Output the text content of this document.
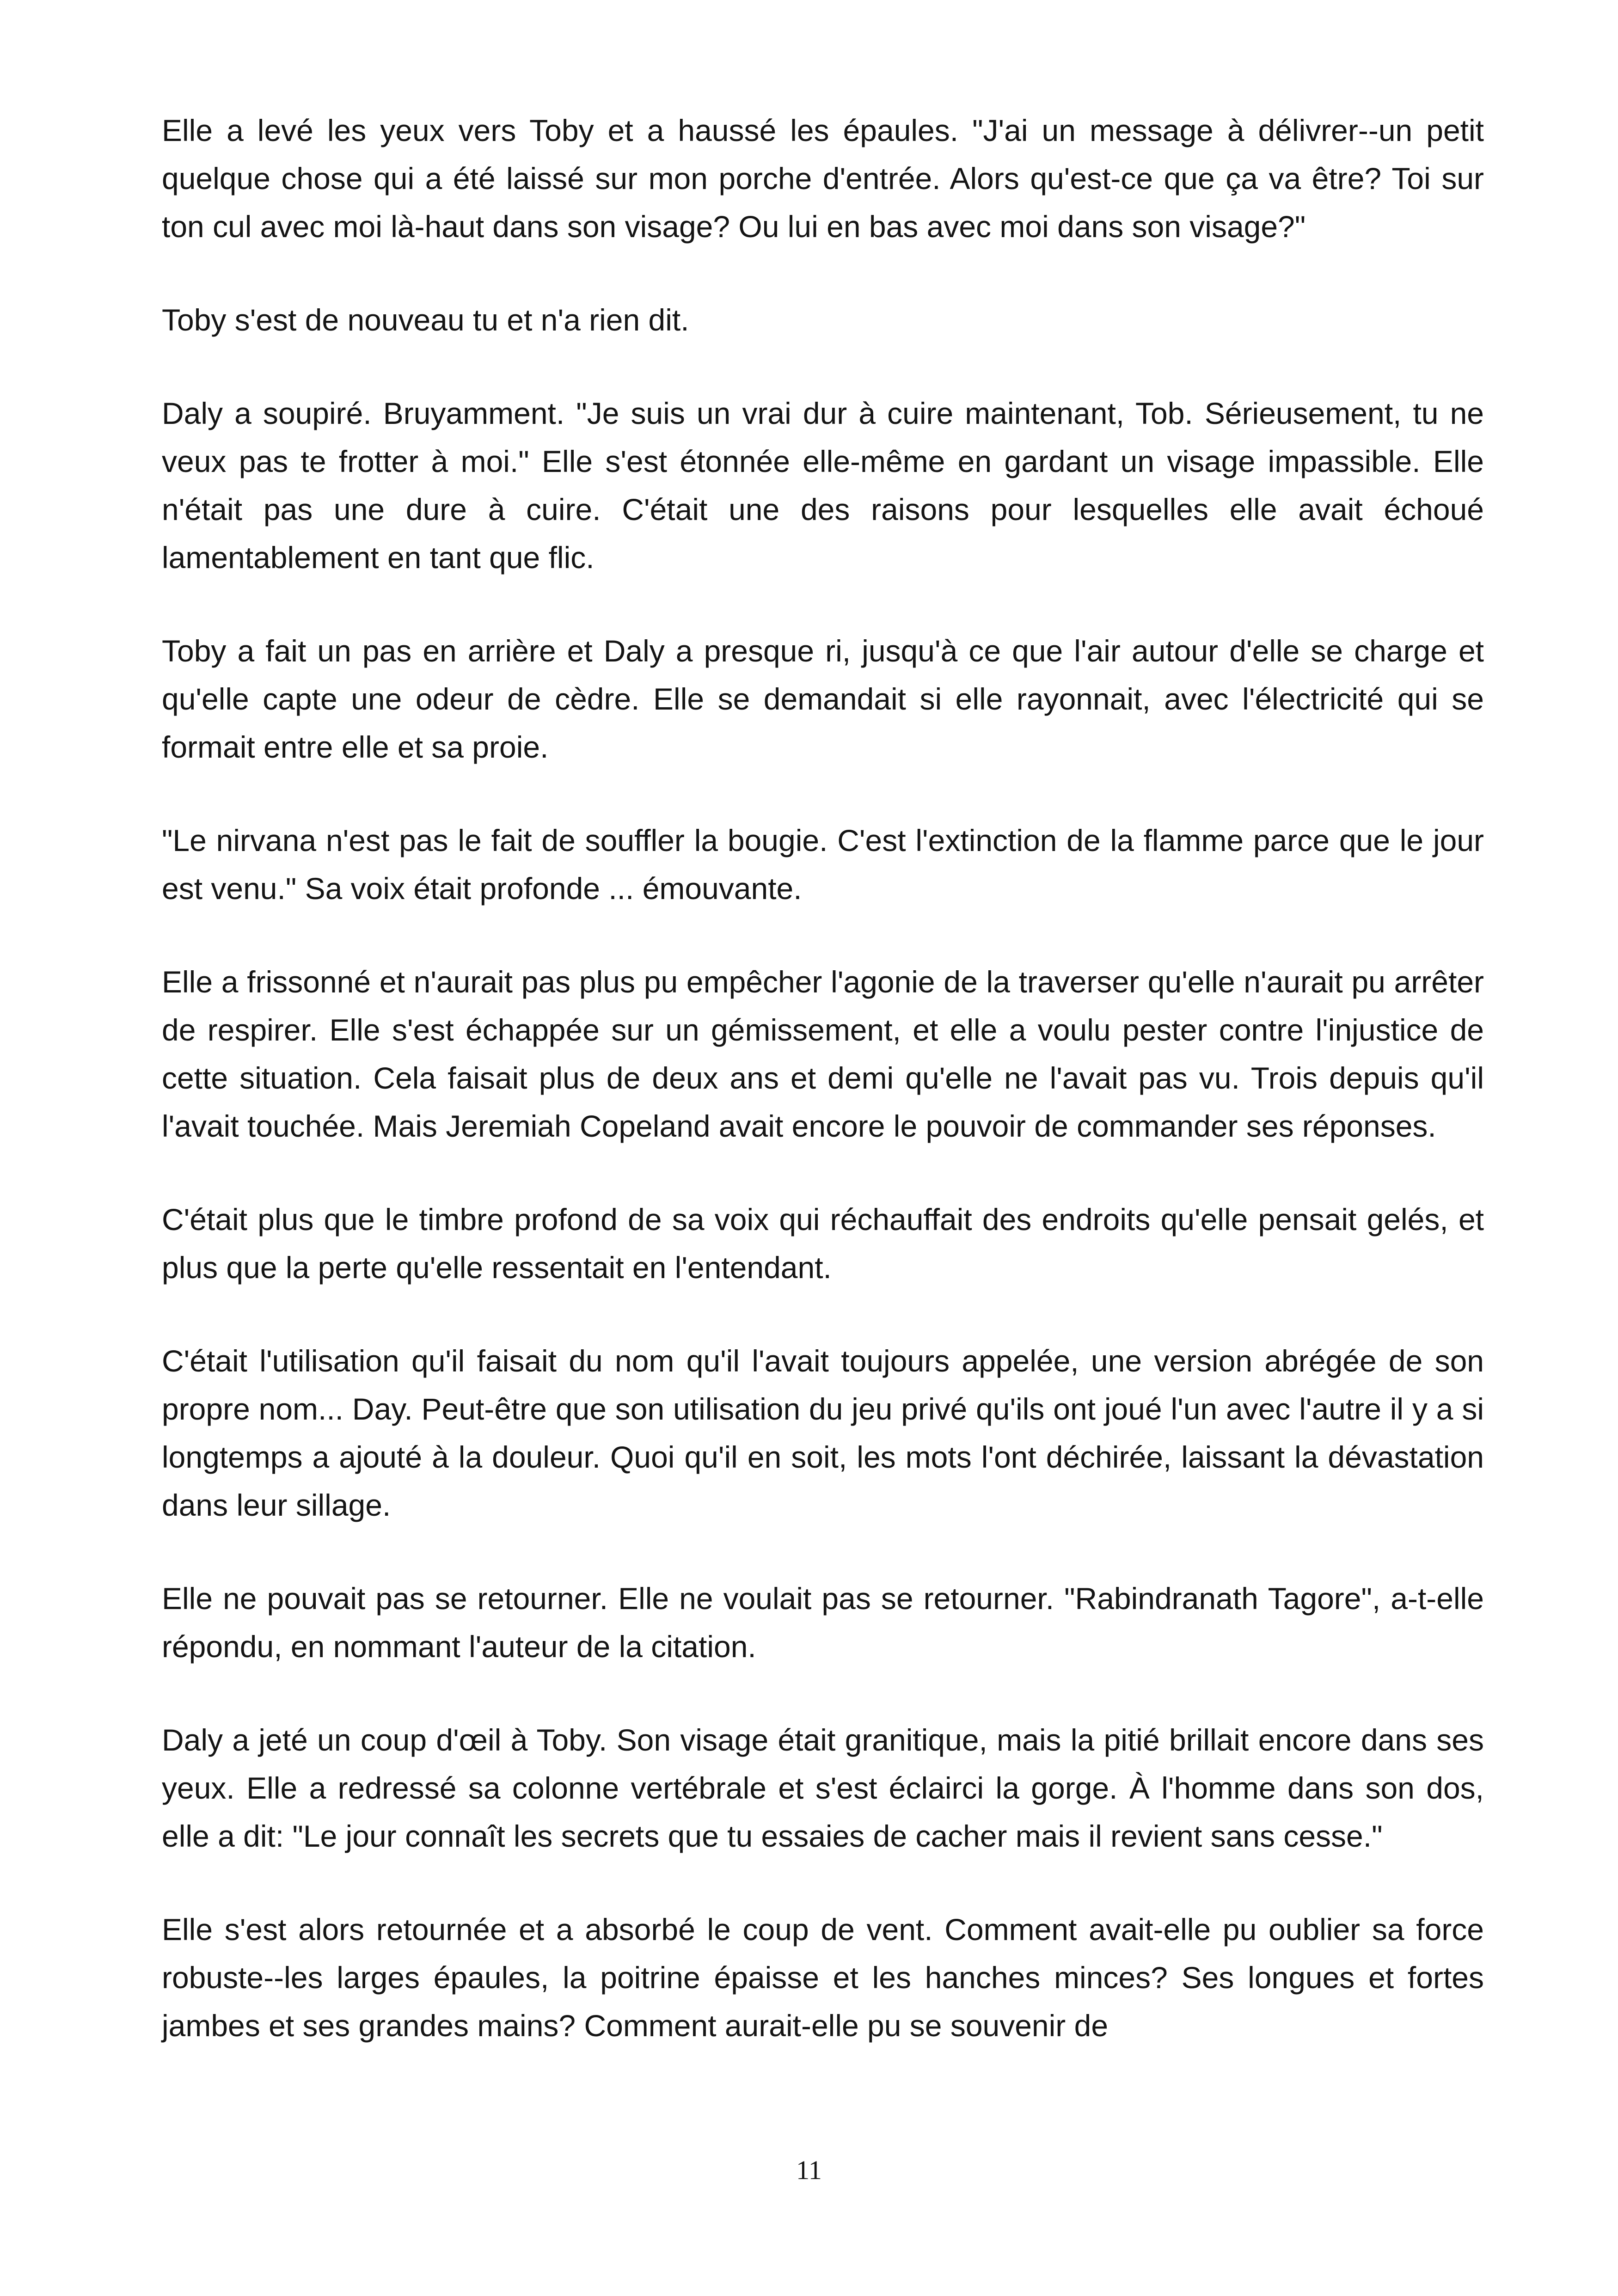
Elle a levé les yeux vers Toby et a haussé les épaules. "J'ai un message à délivrer--un petit quelque chose qui a été laissé sur mon porche d'entrée. Alors qu'est-ce que ça va être? Toi sur ton cul avec moi là-haut dans son visage? Ou lui en bas avec moi dans son visage?"

Toby s'est de nouveau tu et n'a rien dit.

Daly a soupiré. Bruyamment. "Je suis un vrai dur à cuire maintenant, Tob. Sérieusement, tu ne veux pas te frotter à moi." Elle s'est étonnée elle-même en gardant un visage impassible. Elle n'était pas une dure à cuire. C'était une des raisons pour lesquelles elle avait échoué lamentablement en tant que flic.

Toby a fait un pas en arrière et Daly a presque ri, jusqu'à ce que l'air autour d'elle se charge et qu'elle capte une odeur de cèdre. Elle se demandait si elle rayonnait, avec l'électricité qui se formait entre elle et sa proie.

"Le nirvana n'est pas le fait de souffler la bougie. C'est l'extinction de la flamme parce que le jour est venu." Sa voix était profonde ... émouvante.

Elle a frissonné et n'aurait pas plus pu empêcher l'agonie de la traverser qu'elle n'aurait pu arrêter de respirer. Elle s'est échappée sur un gémissement, et elle a voulu pester contre l'injustice de cette situation. Cela faisait plus de deux ans et demi qu'elle ne l'avait pas vu. Trois depuis qu'il l'avait touchée. Mais Jeremiah Copeland avait encore le pouvoir de commander ses réponses.

C'était plus que le timbre profond de sa voix qui réchauffait des endroits qu'elle pensait gelés, et plus que la perte qu'elle ressentait en l'entendant.

C'était l'utilisation qu'il faisait du nom qu'il l'avait toujours appelée, une version abrégée de son propre nom... Day. Peut-être que son utilisation du jeu privé qu'ils ont joué l'un avec l'autre il y a si longtemps a ajouté à la douleur. Quoi qu'il en soit, les mots l'ont déchirée, laissant la dévastation dans leur sillage.

Elle ne pouvait pas se retourner. Elle ne voulait pas se retourner. "Rabindranath Tagore", a-t-elle répondu, en nommant l'auteur de la citation.

Daly a jeté un coup d'œil à Toby. Son visage était granitique, mais la pitié brillait encore dans ses yeux. Elle a redressé sa colonne vertébrale et s'est éclairci la gorge. À l'homme dans son dos, elle a dit: "Le jour connaît les secrets que tu essaies de cacher mais il revient sans cesse."

Elle s'est alors retournée et a absorbé le coup de vent. Comment avait-elle pu oublier sa force robuste--les larges épaules, la poitrine épaisse et les hanches minces? Ses longues et fortes jambes et ses grandes mains? Comment aurait-elle pu se souvenir de

11
